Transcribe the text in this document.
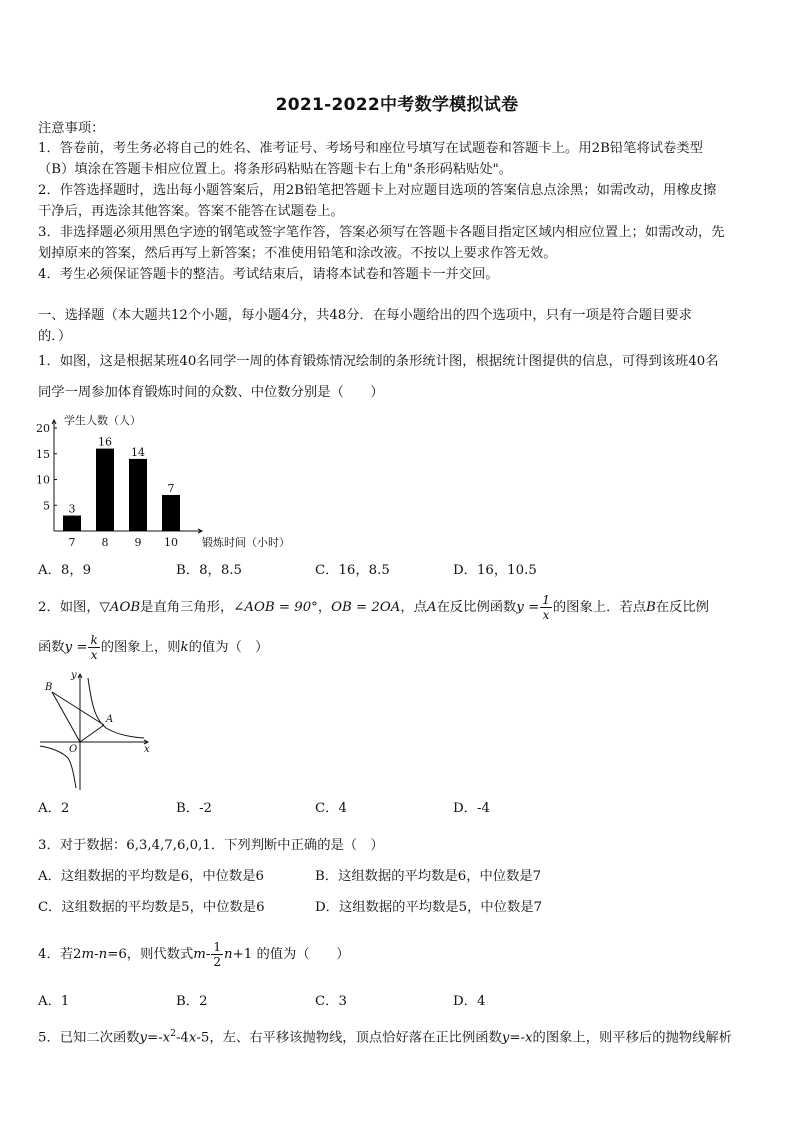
2021-2022中考数学模拟试卷
注意事项：
1．答卷前，考生务必将自己的姓名、准考证号、考场号和座位号填写在试题卷和答题卡上。用2B铅笔将试卷类型
（B）填涂在答题卡相应位置上。将条形码粘贴在答题卡右上角"条形码粘贴处"。
2．作答选择题时，选出每小题答案后，用2B铅笔把答题卡上对应题目选项的答案信息点涂黑；如需改动，用橡皮擦
干净后，再选涂其他答案。答案不能答在试题卷上。
3．非选择题必须用黑色字迹的钢笔或签字笔作答，答案必须写在答题卡各题目指定区域内相应位置上；如需改动，先
划掉原来的答案，然后再写上新答案；不准使用铅笔和涂改液。不按以上要求作答无效。
4．考生必须保证答题卡的整洁。考试结束后，请将本试卷和答题卡一并交回。
一、选择题（本大题共12个小题，每小题4分，共48分．在每小题给出的四个选项中，只有一项是符合题目要求
的．）
1．如图，这是根据某班40名同学一周的体育锻炼情况绘制的条形统计图，根据统计图提供的信息，可得到该班40名
同学一周参加体育锻炼时间的众数、中位数分别是（　　）
5
10
15
20
学生人数（人）
锻炼时间（小时）
3
7
16
8
14
9
7
10
A．8，9	B．8，8.5	C．16，8.5	D．16，10.5
2．如图，▽AOB是直角三角形，∠AOB = 90°，OB = 2OA，点A在反比例函数$y = \frac{1}{x}$ 的图象上．若点B在反比例
函数$y = \frac{k}{x}$ 的图象上，则k的值为（　）
B
y
A
O	x
A．2	B．-2	C．4	D．-4
3．对于数据：6,3,4,7,6,0,1．下列判断中正确的是（　）
A．这组数据的平均数是6，中位数是6	B．这组数据的平均数是6，中位数是7
C．这组数据的平均数是5，中位数是6	D．这组数据的平均数是5，中位数是7
4．若2m-n=6，则代数式$m- \frac{1}{2} n+1$ 的值为（　　）
A．1	B．2	C．3	D．4
5．已知二次函数$y=-x^2-4x-5$，左、右平移该抛物线，顶点恰好落在正比例函数y=-x的图象上，则平移后的抛物线解析
